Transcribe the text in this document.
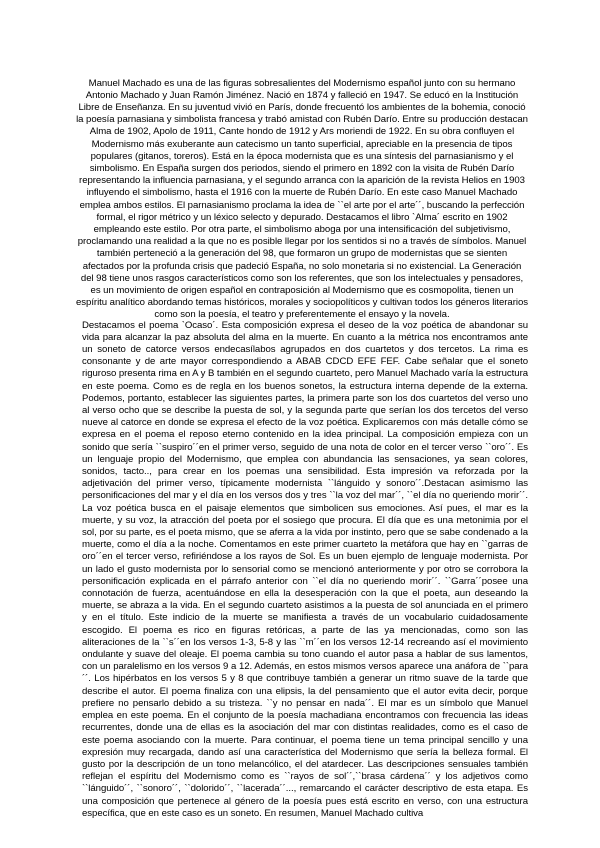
Manuel Machado es una de las figuras sobresalientes del Modernismo español junto con su hermano Antonio Machado y Juan Ramón Jiménez. Nació en 1874 y falleció en 1947. Se educó en la Institución Libre de Enseñanza. En su juventud vivió en París, donde frecuentó los ambientes de la bohemia, conoció la poesía parnasiana y simbolista francesa y trabó amistad con Rubén Darío. Entre su producción destacan Alma de 1902, Apolo de 1911, Cante hondo de 1912 y Ars moriendi de 1922. En su obra confluyen el Modernismo más exuberante aun catecismo un tanto superficial, apreciable en la presencia de tipos populares (gitanos, toreros). Está en la época modernista que es una síntesis del parnasianismo y el simbolismo. En España surgen dos periodos, siendo el primero en 1892 con la visita de Rubén Darío representando la influencia parnasiana, y el segundo arranca con la aparición de la revista Helios en 1903 influyendo el simbolismo, hasta el 1916 con la muerte de Rubén Darío. En este caso Manuel Machado emplea ambos estilos. El parnasianismo proclama la idea de ``el arte por el arte´´, buscando la perfección formal, el rigor métrico y un léxico selecto y depurado. Destacamos el libro `Alma´ escrito en 1902 empleando este estilo. Por otra parte, el simbolismo aboga por una intensificación del subjetivismo, proclamando una realidad a la que no es posible llegar por los sentidos si no a través de símbolos. Manuel también perteneció a la generación del 98, que formaron un grupo de modernistas que se sienten afectados por la profunda crisis que padeció España, no solo monetaria si no existencial. La Generación del 98 tiene unos rasgos característicos como son los referentes, que son los intelectuales y pensadores, es un movimiento de origen español en contraposición al Modernismo que es cosmopolita, tienen un espíritu analítico abordando temas históricos, morales y sociopolíticos y cultivan todos los géneros literarios como son la poesía, el teatro y preferentemente el ensayo y la novela.

Destacamos el poema `Ocaso´. Esta composición expresa el deseo de la voz poética de abandonar su vida para alcanzar la paz absoluta del alma en la muerte. En cuanto a la métrica nos encontramos ante un soneto de catorce versos endecasílabos agrupados en dos cuartetos y dos tercetos. La rima es consonante y de arte mayor correspondiendo a ABAB CDCD EFE FEF. Cabe señalar que el soneto riguroso presenta rima en A y B también en el segundo cuarteto, pero Manuel Machado varía la estructura en este poema. Como es de regla en los buenos sonetos, la estructura interna depende de la externa. Podemos, portanto, establecer las siguientes partes, la primera parte son los dos cuartetos del verso uno al verso ocho que se describe la puesta de sol, y la segunda parte que serían los dos tercetos del verso nueve al catorce en donde se expresa el efecto de la voz poética. Explicaremos con más detalle cómo se expresa en el poema el reposo eterno contenido en la idea principal. La composición empieza con un sonido que sería ``suspiro´´en el primer verso, seguido de una nota de color en el tercer verso ``oro´´. Es un lenguaje propio del Modernismo, que emplea con abundancia las sensaciones, ya sean colores, sonidos, tacto.., para crear en los poemas una sensibilidad. Esta impresión va reforzada por la adjetivación del primer verso, típicamente modernista ``lánguido y sonoro´´.Destacan asimismo las personificaciones del mar y el día en los versos dos y tres ``la voz del mar´´, ``el día no queriendo morir´´. La voz poética busca en el paisaje elementos que simbolicen sus emociones. Así pues, el mar es la muerte, y su voz, la atracción del poeta por el sosiego que procura. El día que es una metonimia por el sol, por su parte, es el poeta mismo, que se aferra a la vida por instinto, pero que se sabe condenado a la muerte, como el día a la noche. Comentamos en este primer cuarteto la metáfora que hay en ``garras de oro´´en el tercer verso, refiriéndose a los rayos de Sol. Es un buen ejemplo de lenguaje modernista. Por un lado el gusto modernista por lo sensorial como se mencionó anteriormente y por otro se corrobora la personificación explicada en el párrafo anterior con ``el día no queriendo morir´´. ``Garra´´posee una connotación de fuerza, acentuándose en ella la desesperación con la que el poeta, aun deseando la muerte, se abraza a la vida. En el segundo cuarteto asistimos a la puesta de sol anunciada en el primero y en el título. Este indicio de la muerte se manifiesta a través de un vocabulario cuidadosamente escogido. El poema es rico en figuras retóricas, a parte de las ya mencionadas, como son las aliteraciones de la ``s´´en los versos 1-3, 5-8 y las ``m´´en los versos 12-14 recreando así el movimiento ondulante y suave del oleaje. El poema cambia su tono cuando el autor pasa a hablar de sus lamentos, con un paralelismo en los versos 9 a 12. Además, en estos mismos versos aparece una anáfora de ``para´´. Los hipérbatos en los versos 5 y 8 que contribuye también a generar un ritmo suave de la tarde que describe el autor. El poema finaliza con una elipsis, la del pensamiento que el autor evita decir, porque prefiere no pensarlo debido a su tristeza. ``y no pensar en nada´´. El mar es un símbolo que Manuel emplea en este poema. En el conjunto de la poesía machadiana encontramos con frecuencia las ideas recurrentes, donde una de ellas es la asociación del mar con distintas realidades, como es el caso de este poema asociando con la muerte. Para continuar, el poema tiene un tema principal sencillo y una expresión muy recargada, dando así una característica del Modernismo que sería la belleza formal. El gusto por la descripción de un tono melancólico, el del atardecer. Las descripciones sensuales también reflejan el espíritu del Modernismo como es ``rayos de sol´´,``brasa cárdena´´ y los adjetivos como ``lánguido´´, ``sonoro´´, ``dolorido´´, ``lacerada´´..., remarcando el carácter descriptivo de esta etapa. Es una composición que pertenece al género de la poesía pues está escrito en verso, con una estructura específica, que en este caso es un soneto. En resumen, Manuel Machado cultiva
